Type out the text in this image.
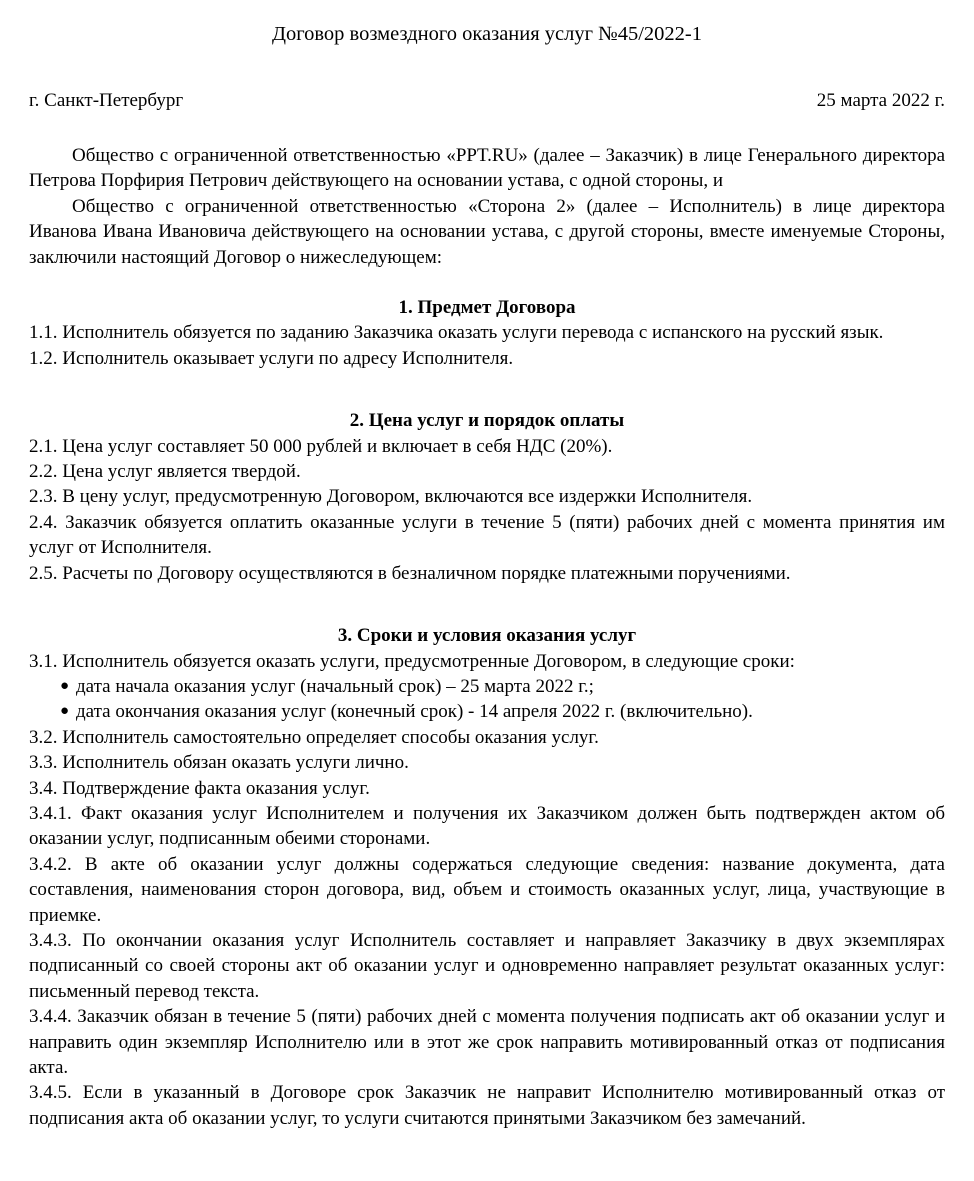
Договор возмездного оказания услуг №45/2022-1
г. Санкт-Петербург	25 марта 2022 г.

Общество с ограниченной ответственностью «PPT.RU» (далее – Заказчик) в лице Генерального директора Петрова Порфирия Петрович действующего на основании устава, с одной стороны, и

Общество с ограниченной ответственностью «Сторона 2» (далее – Исполнитель) в лице директора Иванова Ивана Ивановича действующего на основании устава, с другой стороны, вместе именуемые Стороны, заключили настоящий Договор о нижеследующем:

1. Предмет Договора

1.1. Исполнитель обязуется по заданию Заказчика оказать услуги перевода с испанского на русский язык.

1.2. Исполнитель оказывает услуги по адресу Исполнителя.

2. Цена услуг и порядок оплаты

2.1. Цена услуг составляет 50 000 рублей и включает в себя НДС (20%).

2.2. Цена услуг является твердой.

2.3. В цену услуг, предусмотренную Договором, включаются все издержки Исполнителя.

2.4. Заказчик обязуется оплатить оказанные услуги в течение 5 (пяти) рабочих дней с момента принятия им услуг от Исполнителя.

2.5. Расчеты по Договору осуществляются в безналичном порядке платежными поручениями.

3. Сроки и условия оказания услуг

3.1. Исполнитель обязуется оказать услуги, предусмотренные Договором, в следующие сроки:

● дата начала оказания услуг (начальный срок) – 25 марта 2022 г.;
● дата окончания оказания услуг (конечный срок) - 14 апреля 2022 г. (включительно).

3.2. Исполнитель самостоятельно определяет способы оказания услуг.

3.3. Исполнитель обязан оказать услуги лично.

3.4. Подтверждение факта оказания услуг.

3.4.1. Факт оказания услуг Исполнителем и получения их Заказчиком должен быть подтвержден актом об оказании услуг, подписанным обеими сторонами.

3.4.2. В акте об оказании услуг должны содержаться следующие сведения: название документа, дата составления, наименования сторон договора, вид, объем и стоимость оказанных услуг, лица, участвующие в приемке.

3.4.3. По окончании оказания услуг Исполнитель составляет и направляет Заказчику в двух экземплярах подписанный со своей стороны акт об оказании услуг и одновременно направляет результат оказанных услуг: письменный перевод текста.

3.4.4. Заказчик обязан в течение 5 (пяти) рабочих дней с момента получения подписать акт об оказании услуг и направить один экземпляр Исполнителю или в этот же срок направить мотивированный отказ от подписания акта.

3.4.5. Если в указанный в Договоре срок Заказчик не направит Исполнителю мотивированный отказ от подписания акта об оказании услуг, то услуги считаются принятыми Заказчиком без замечаний.
